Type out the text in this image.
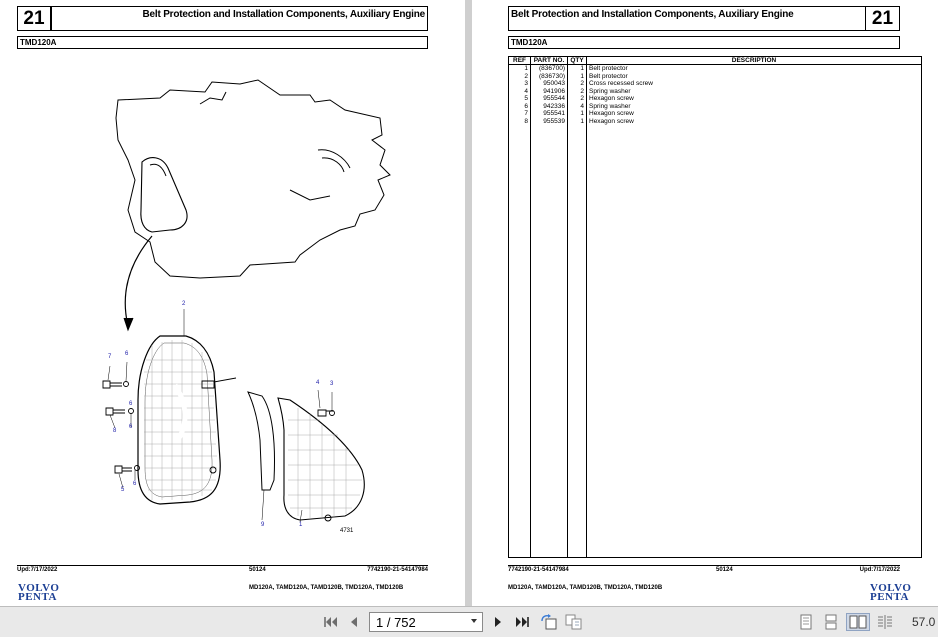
21	Belt Protection and Installation Components, Auxiliary Engine
TMD120A
2
7 6
4 3
6
8
6
5
6
9	1
4731
Upd:7/17/2022	50124	7742190-21-54147984
MD120A, TAMD120A, TAMD120B, TMD120A, TMD120B
VOLVO
PENTA
Belt Protection and Installation Components, Auxiliary Engine	21
TMD120A
REF	PART NO.	QTY	DESCRIPTION
1	(836700)	1	Belt protector
2	(836730)	1	Belt protector
3	950043	2	Cross recessed screw
4	941906	2	Spring washer
5	955544	2	Hexagon screw
6	942336	4	Spring washer
7	955541	1	Hexagon screw
8	955539	1	Hexagon screw

7742190-21-54147984	50124	Upd:7/17/2022
MD120A, TAMD120A, TAMD120B, TMD120A, TMD120B	VOLVO
PENTA
1 / 752	57.0
